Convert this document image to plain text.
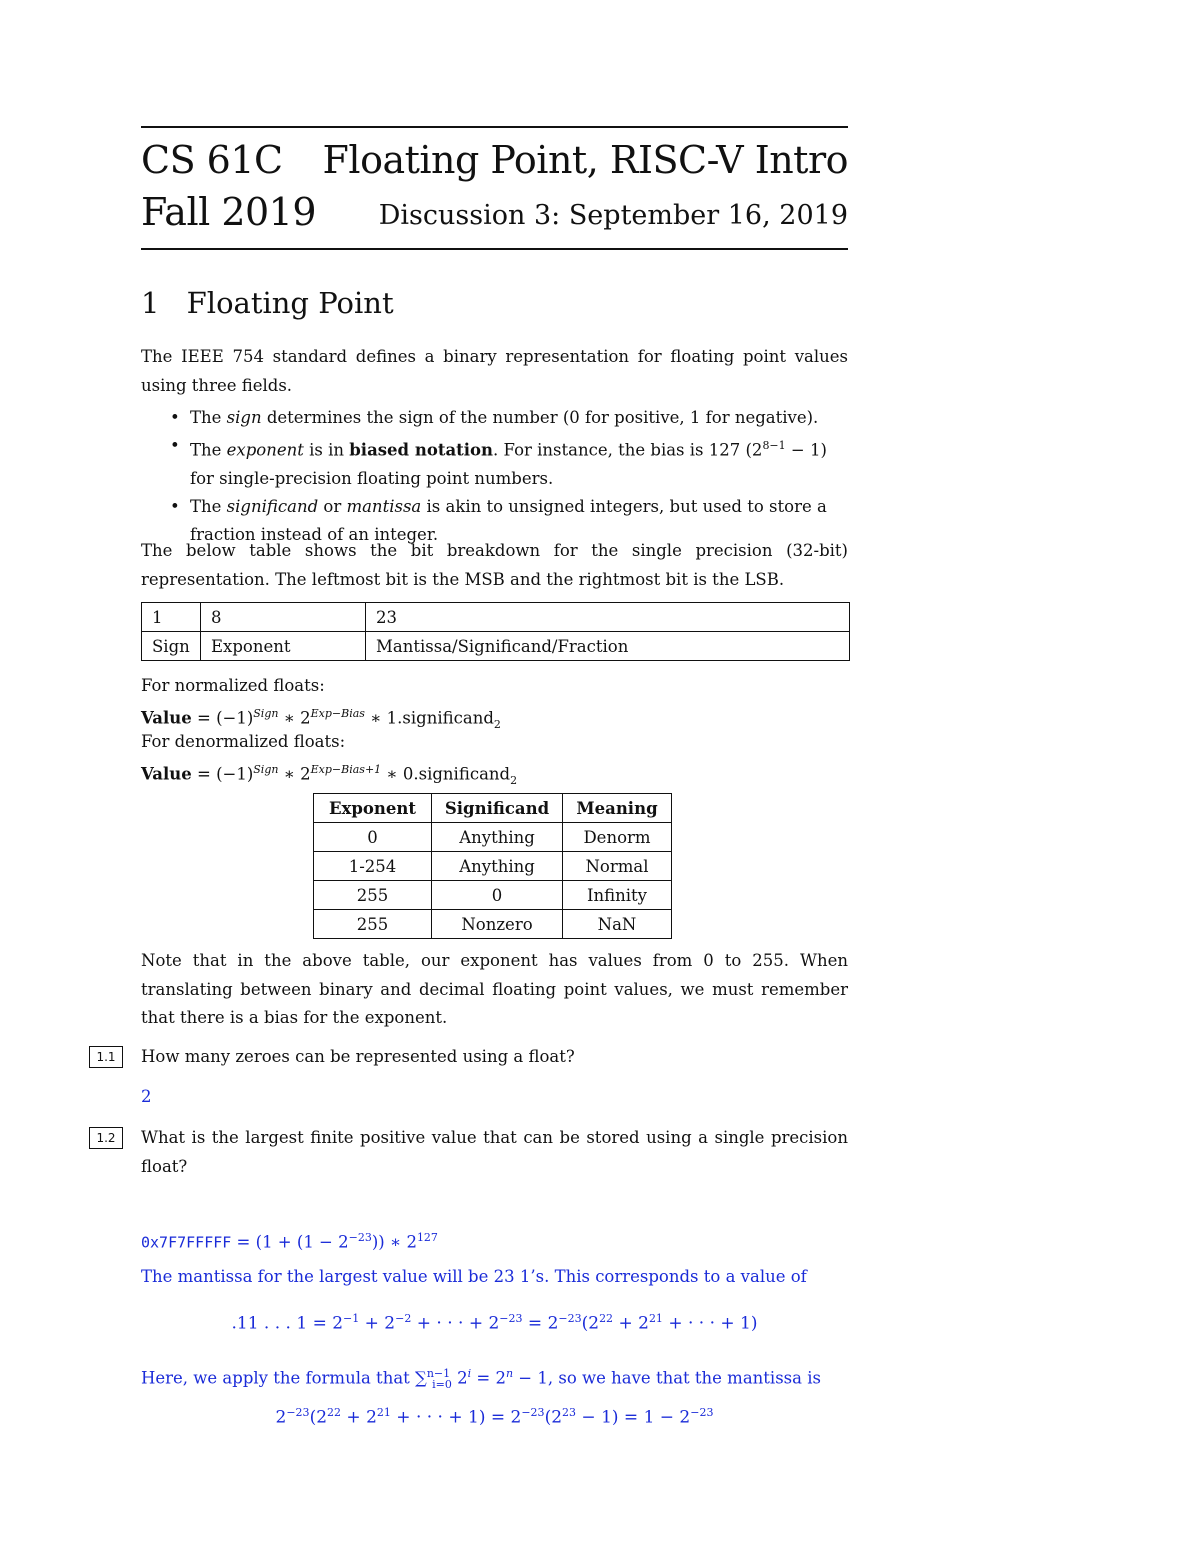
CS 61C Floating Point, RISC-V Intro
Fall 2019 Discussion 3: September 16, 2019
1 Floating Point
The IEEE 754 standard defines a binary representation for floating point values using three fields.
• The sign determines the sign of the number (0 for positive, 1 for negative).
• The exponent is in biased notation. For instance, the bias is 127 $(2^{8-1} - 1)$ for single-precision floating point numbers.
• The significand or mantissa is akin to unsigned integers, but used to store a fraction instead of an integer.
The below table shows the bit breakdown for the single precision (32-bit) representation. The leftmost bit is the MSB and the rightmost bit is the LSB.
1	8	23
Sign	Exponent	Mantissa/Significand/Fraction
For normalized floats:
Value = $(-1)^{Sign}$ ∗ $2^{Exp-Bias}$ ∗ 1.significand$_2$
For denormalized floats:
Value = $(-1)^{Sign}$ ∗ $2^{Exp-Bias+1}$ ∗ 0.significand$_2$
Exponent	Significand	Meaning
0	Anything	Denorm
1-254	Anything	Normal
255	0	Infinity
255	Nonzero	NaN
Note that in the above table, our exponent has values from 0 to 255. When translating between binary and decimal floating point values, we must remember that there is a bias for the exponent.
1.1	How many zeroes can be represented using a float?
2
1.2	What is the largest finite positive value that can be stored using a single precision float?
0x7F7FFFFF = $(1 + (1 - 2^{-23}))$ ∗ $2^{127}$
The mantissa for the largest value will be 23 1’s. This corresponds to a value of
.11 . . . $1 = 2^{-1} + 2^{-2}$ + · · · + $2^{-23} = 2^{-23}(2^{22} + 2^{21}$ + · · · + 1)
Here, we apply the formula that ∑$^{n-1}_{i=0}$ $2^i = 2^n - 1$, so we have that the mantissa is
$2^{-23}(2^{22} + 2^{21}$ + · · · + $1) = 2^{-23}(2^{23} - 1) = 1 - 2^{-23}$
